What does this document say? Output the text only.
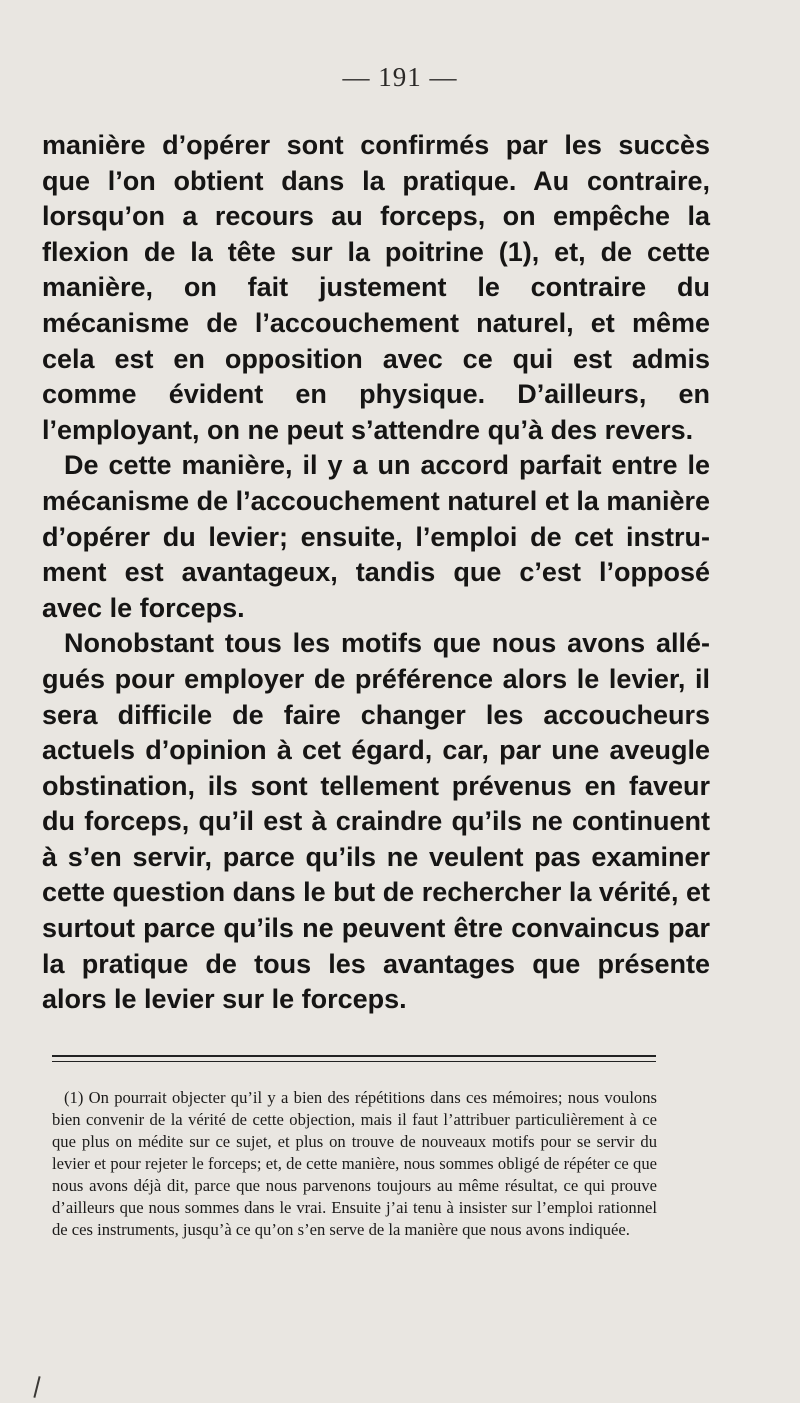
— 191 —

manière d’opérer sont confirmés par les succès que l’on obtient dans la pratique. Au contraire, lorsqu’on a recours au forceps, on empêche la flexion de la tête sur la poitrine (1), et, de cette manière, on fait justement le contraire du mécanisme de l’accouchement naturel, et même cela est en opposition avec ce qui est admis comme évident en physique. D’ailleurs, en l’employant, on ne peut s’attendre qu’à des revers.

De cette manière, il y a un accord parfait entre le mécanisme de l’accouchement naturel et la manière d’opérer du levier; ensuite, l’emploi de cet instrument est avantageux, tandis que c’est l’opposé avec le forceps.

Nonobstant tous les motifs que nous avons allégués pour employer de préférence alors le levier, il sera difficile de faire changer les accoucheurs actuels d’opinion à cet égard, car, par une aveugle obstination, ils sont tellement prévenus en faveur du forceps, qu’il est à craindre qu’ils ne continuent à s’en servir, parce qu’ils ne veulent pas examiner cette question dans le but de rechercher la vérité, et surtout parce qu’ils ne peuvent être convaincus par la pratique de tous les avantages que présente alors le levier sur le forceps.

(1) On pourrait objecter qu’il y a bien des répétitions dans ces mémoires; nous voulons bien convenir de la vérité de cette objection, mais il faut l’attribuer particulièrement à ce que plus on médite sur ce sujet, et plus on trouve de nouveaux motifs pour se servir du levier et pour rejeter le forceps; et, de cette manière, nous sommes obligé de répéter ce que nous avons déjà dit, parce que nous parvenons toujours au même résultat, ce qui prouve d’ailleurs que nous sommes dans le vrai. Ensuite j’ai tenu à insister sur l’emploi rationnel de ces instruments, jusqu’à ce qu’on s’en serve de la manière que nous avons indiquée.
